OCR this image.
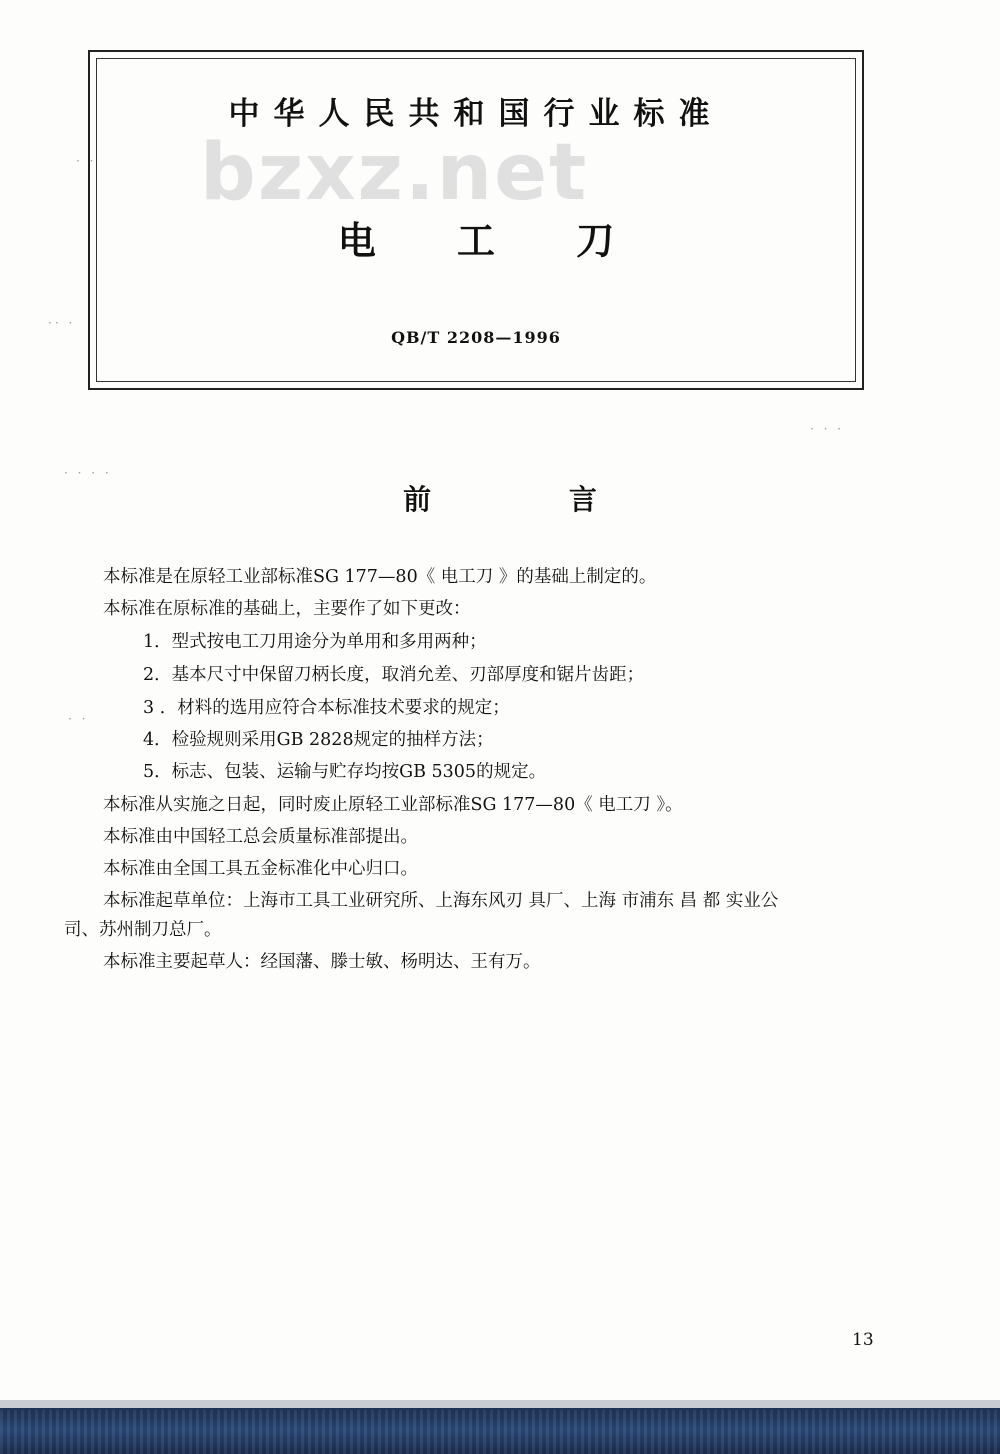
中华人民共和国行业标准
bzxz.net
电 工 刀
QB/T 2208—1996
· ·
·· ·
· · ·
· · · ·
· ·
前 言
本标准是在原轻工业部标准SG 177—80《 电工刀 》的基础上制定的。
本标准在原标准的基础上，主要作了如下更改：
1．型式按电工刀用途分为单用和多用两种；
2．基本尺寸中保留刀柄长度，取消允差、刃部厚度和锯片齿距；
3 ．材料的选用应符合本标准技术要求的规定；
4．检验规则采用GB 2828规定的抽样方法；
5．标志、包装、运输与贮存均按GB 5305的规定。
本标准从实施之日起，同时废止原轻工业部标准SG 177—80《 电工刀 》。
本标准由中国轻工总会质量标准部提出。
本标准由全国工具五金标准化中心归口。
本标准起草单位：上海市工具工业研究所、上海东风刃 具厂、上海 市浦东 昌 都 实业公
司、苏州制刀总厂。
本标准主要起草人：经国藩、滕士敏、杨明达、王有万。
13
